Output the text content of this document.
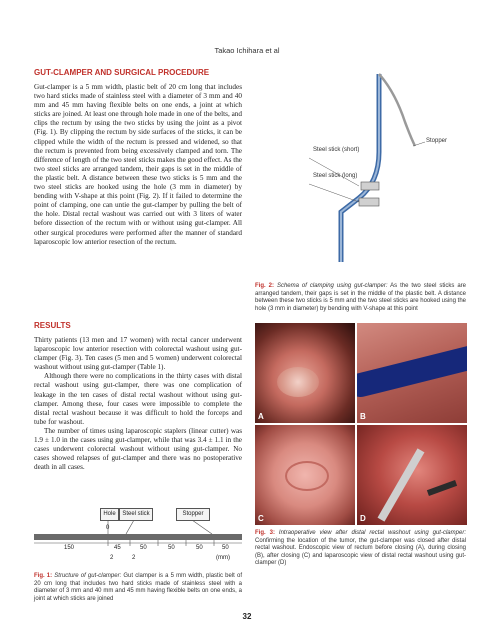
Takao Ichihara et al
GUT-CLAMPER AND SURGICAL PROCEDURE

Gut-clamper is a 5 mm width, plastic belt of 20 cm long that includes two hard sticks made of stainless steel with a diameter of 3 mm and 40 mm and 45 mm having flexible belts on one ends, a joint at which sticks are joined. At least one through hole made in one of the belts, and clips the rectum by using the two sticks by using the joint as a pivot (Fig. 1). By clipping the rectum by side surfaces of the sticks, it can be clipped while the width of the rectum is pressed and widened, so that the rectum is prevented from being excessively clamped and torn. The difference of length of the two steel sticks makes the good effect. As the two steel sticks are arranged tandem, their gaps is set in the middle of the plastic belt. A distance between these two sticks is 5 mm and the two steel sticks are hooked using the hole (3 mm in diameter) by bending with V-shape at this point (Fig. 2). If it failed to determine the point of clamping, one can untie the gut-clamper by pulling the belt of the hole. Distal rectal washout was carried out with 3 liters of water before dissection of the rectum with or without using gut-clamper. All other surgical procedures were performed after the manner of standard laparoscopic low anterior resection of the rectum.

RESULTS

Thirty patients (13 men and 17 women) with rectal cancer underwent laparoscopic low anterior resection with colorectal washout using gut-clamper (Fig. 3). Ten cases (5 men and 5 women) underwent colorectal washout without using gut-clamper (Table 1).

Although there were no complications in the thirty cases with distal rectal washout using gut-clamper, there was one complication of leakage in the ten cases of distal rectal washout without using gut-clamper. Among these, four cases were impossible to complete the distal rectal washout because it was difficult to hold the forceps and tube for washout.

The number of times using laparoscopic staplers (linear cutter) was 1.9 ± 1.0 in the cases using gut-clamper, while that was 3.4 ± 1.1 in the cases underwent colorectal washout without using gut-clamper. No cases showed relapses of gut-clamper and there was no postoperative death in all cases.

Hole	Steel stick	Stopper
0
150	45	50	50	50	50
2	2	(mm)
Fig. 1: Structure of gut-clamper: Gut clamper is a 5 mm width, plastic belt of 20 cm long that includes two hard sticks made of stainless steel with a diameter of 3 mm and 40 mm and 45 mm having flexible belts on one ends, a joint at which sticks are joined
Steel stick (short)
Steel stick (long)
Stopper
Fig. 2: Schema of clamping using gut-clamper: As the two steel sticks are arranged tandem, their gaps is set in the middle of the plastic belt. A distance between these two sticks is 5 mm and the two steel sticks are hooked using the hole (3 mm in diameter) by bending with V-shape at this point
A	B
C	D
Fig. 3: Intraoperative view after distal rectal washout using gut-clamper: Confirming the location of the tumor, the gut-clamper was closed after distal rectal washout. Endoscopic view of rectum before closing (A), during closing (B), after closing (C) and laparoscopic view of distal rectal washout using gut-clamper (D)
32
